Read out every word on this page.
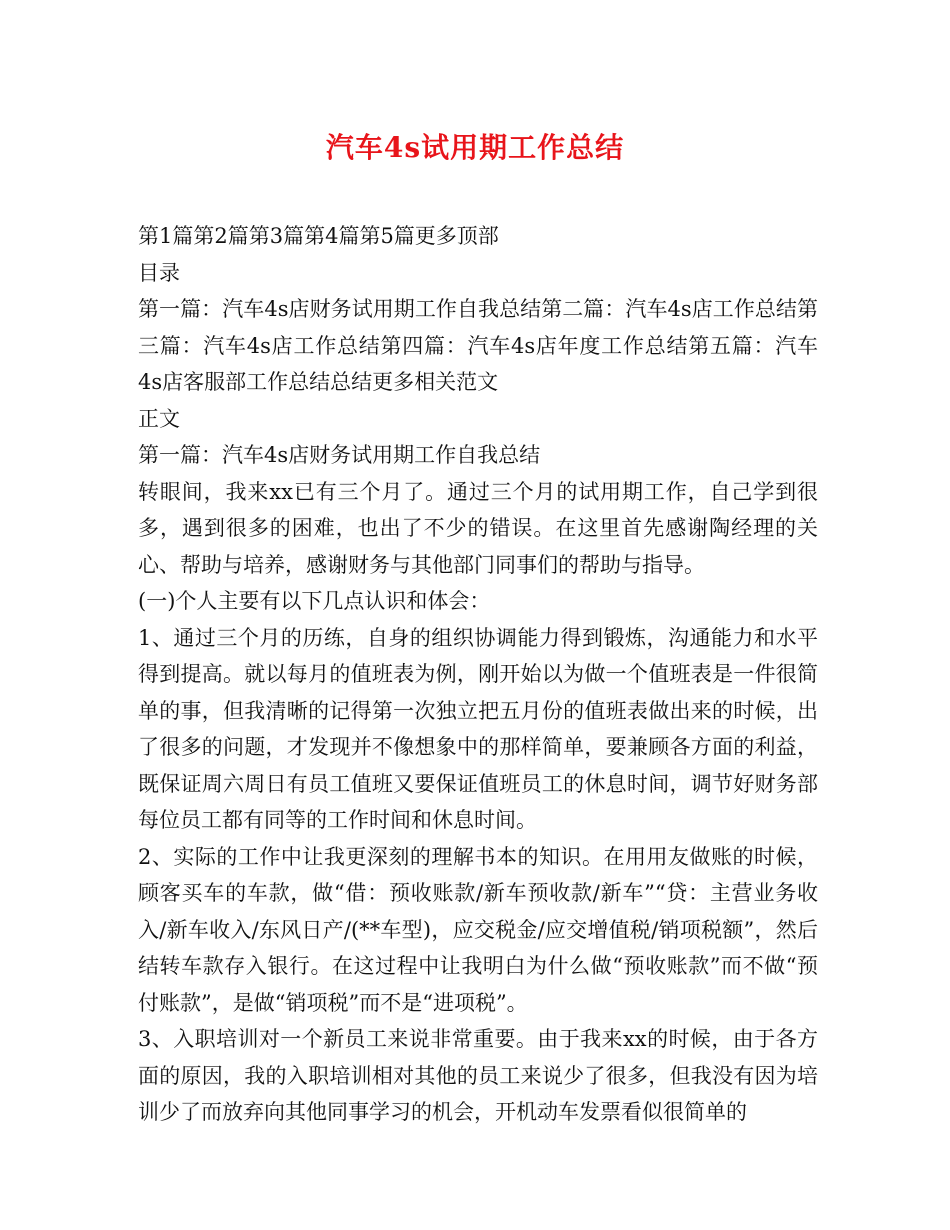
汽车4s试用期工作总结

第1篇第2篇第3篇第4篇第5篇更多顶部

目录

第一篇：汽车4s店财务试用期工作自我总结第二篇：汽车4s店工作总结第三篇：汽车4s店工作总结第四篇：汽车4s店年度工作总结第五篇：汽车4s店客服部工作总结总结更多相关范文

正文

第一篇：汽车4s店财务试用期工作自我总结

转眼间，我来xx已有三个月了。通过三个月的试用期工作，自己学到很多，遇到很多的困难，也出了不少的错误。在这里首先感谢陶经理的关心、帮助与培养，感谢财务与其他部门同事们的帮助与指导。

(一)个人主要有以下几点认识和体会：

1、通过三个月的历练，自身的组织协调能力得到锻炼，沟通能力和水平得到提高。就以每月的值班表为例，刚开始以为做一个值班表是一件很简单的事，但我清晰的记得第一次独立把五月份的值班表做出来的时候，出了很多的问题，才发现并不像想象中的那样简单，要兼顾各方面的利益，既保证周六周日有员工值班又要保证值班员工的休息时间，调节好财务部每位员工都有同等的工作时间和休息时间。

2、实际的工作中让我更深刻的理解书本的知识。在用用友做账的时候，顾客买车的车款，做“借：预收账款/新车预收款/新车”“贷：主营业务收入/新车收入/东风日产/(**车型)，应交税金/应交增值税/销项税额”，然后结转车款存入银行。在这过程中让我明白为什么做“预收账款”而不做“预付账款”，是做“销项税”而不是“进项税”。

3、入职培训对一个新员工来说非常重要。由于我来xx的时候，由于各方面的原因，我的入职培训相对其他的员工来说少了很多，但我没有因为培训少了而放弃向其他同事学习的机会，开机动车发票看似很简单的
